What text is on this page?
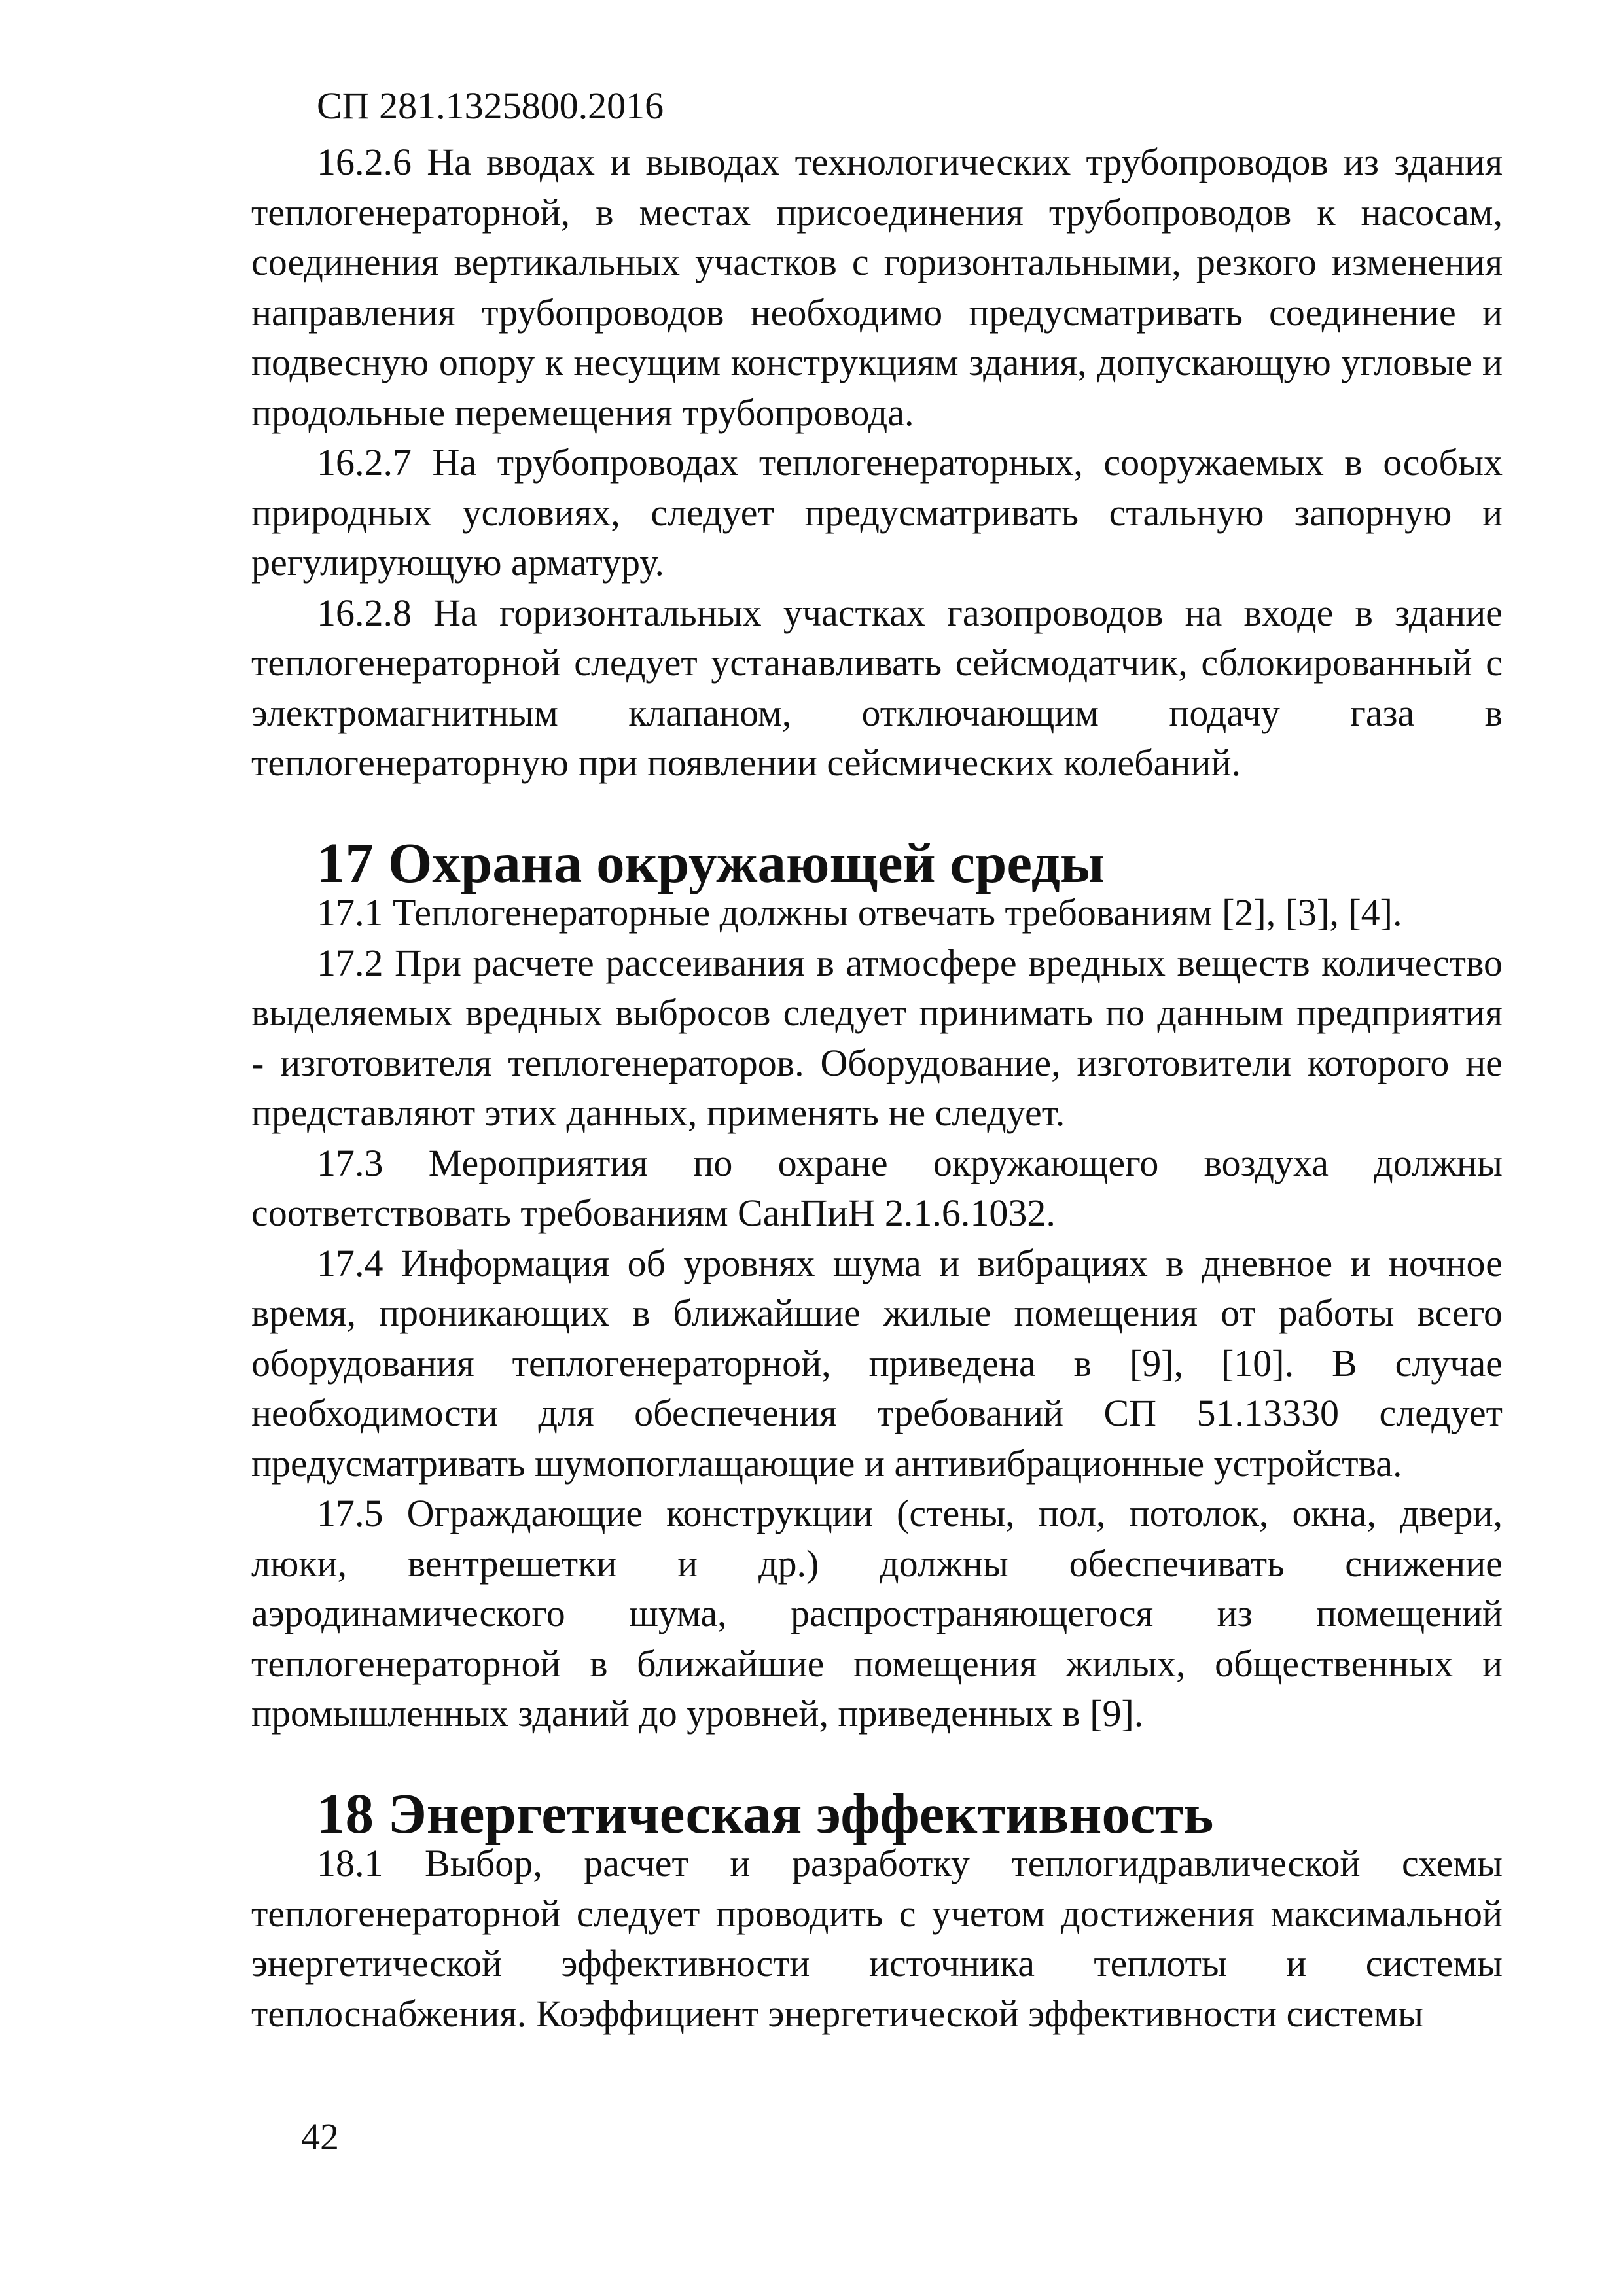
СП 281.1325800.2016

16.2.6 На вводах и выводах технологических трубопроводов из здания теплогенераторной, в местах присоединения трубопроводов к насосам, соединения вертикальных участков с горизонтальными, резкого изменения направления трубопроводов необходимо предусматривать соединение и подвесную опору к несущим конструкциям здания, допускающую угловые и продольные перемещения трубопровода.

16.2.7 На трубопроводах теплогенераторных, сооружаемых в особых природных условиях, следует предусматривать стальную запорную и регулирующую арматуру.

16.2.8 На горизонтальных участках газопроводов на входе в здание теплогенераторной следует устанавливать сейсмодатчик, сблокированный с электромагнитным клапаном, отключающим подачу газа в теплогенераторную при появлении сейсмических колебаний.

17 Охрана окружающей среды

17.1 Теплогенераторные должны отвечать требованиям [2], [3], [4].

17.2 При расчете рассеивания в атмосфере вредных веществ количество выделяемых вредных выбросов следует принимать по данным предприятия - изготовителя теплогенераторов. Оборудование, изготовители которого не представляют этих данных, применять не следует.

17.3 Мероприятия по охране окружающего воздуха должны соответствовать требованиям СанПиН 2.1.6.1032.

17.4 Информация об уровнях шума и вибрациях в дневное и ночное время, проникающих в ближайшие жилые помещения от работы всего оборудования теплогенераторной, приведена в [9], [10]. В случае необходимости для обеспечения требований СП 51.13330 следует предусматривать шумопоглащающие и антивибрационные устройства.

17.5 Ограждающие конструкции (стены, пол, потолок, окна, двери, люки, вентрешетки и др.) должны обеспечивать снижение аэродинамического шума, распространяющегося из помещений теплогенераторной в ближайшие помещения жилых, общественных и промышленных зданий до уровней, приведенных в [9].

18 Энергетическая эффективность

18.1 Выбор, расчет и разработку теплогидравлической схемы теплогенераторной следует проводить с учетом достижения максимальной энергетической эффективности источника теплоты и системы теплоснабжения. Коэффициент энергетической эффективности системы

42
